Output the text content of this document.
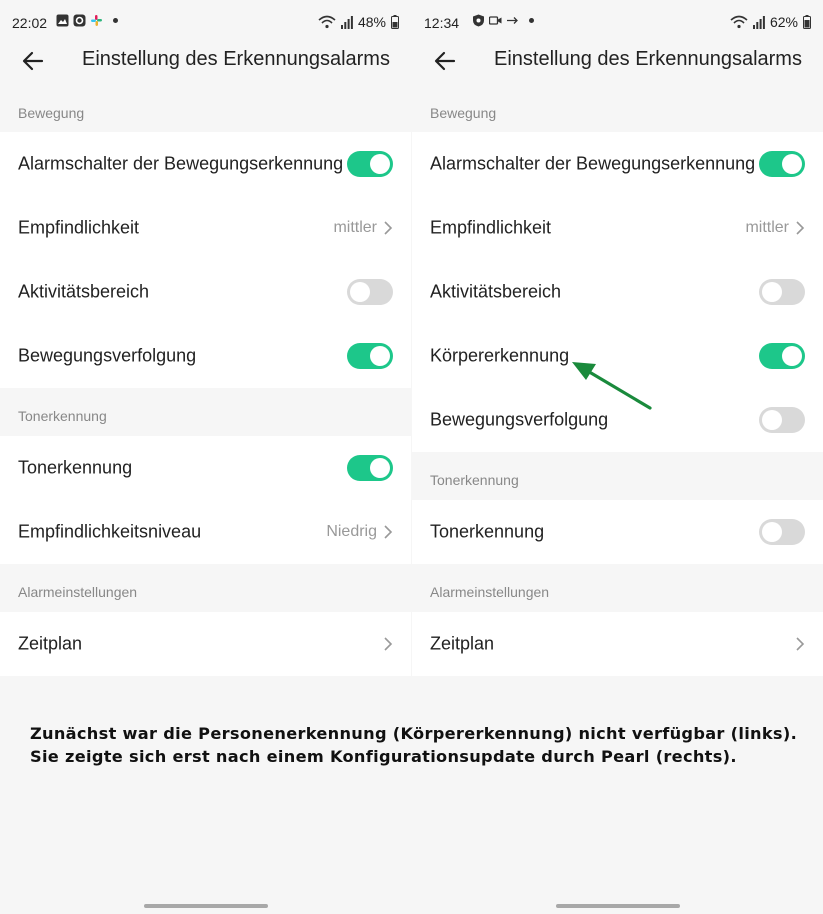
22:02	48%
Einstellung des Erkennungsalarms
Bewegung
Alarmschalter der Bewegungserkennung
Empfindlichkeit	mittler
Aktivitätsbereich
Bewegungsverfolgung
Tonerkennung
Tonerkennung
Empfindlichkeitsniveau	Niedrig
Alarmeinstellungen
Zeitplan
12:34	62%
Einstellung des Erkennungsalarms
Bewegung
Alarmschalter der Bewegungserkennung
Empfindlichkeit	mittler
Aktivitätsbereich
Körpererkennung
Bewegungsverfolgung
Tonerkennung
Tonerkennung
Alarmeinstellungen
Zeitplan
Zunächst war die Personenerkennung (Körpererkennung) nicht verfügbar (links).
Sie zeigte sich erst nach einem Konfigurationsupdate durch Pearl (rechts).
